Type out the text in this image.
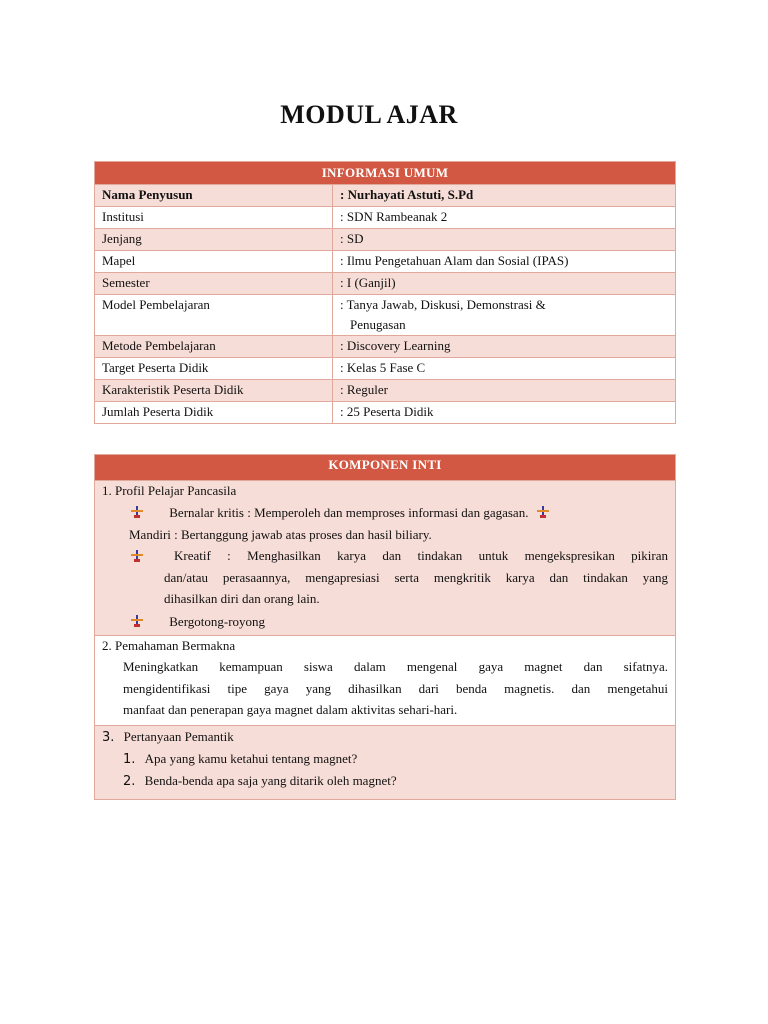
MODUL AJAR
INFORMASI UMUM	
Nama Penyusun	: Nurhayati Astuti, S.Pd
Institusi	: SDN Rambeanak 2
Jenjang	: SD
Mapel	: Ilmu Pengetahuan Alam dan Sosial (IPAS)
Semester	: I (Ganjil)
Model Pembelajaran	: Tanya Jawab, Diskusi, Demonstrasi &
Penugasan

Metode Pembelajaran	: Discovery Learning
Target Peserta Didik	: Kelas 5 Fase C
Karakteristik Peserta Didik	: Reguler
Jumlah Peserta Didik	: 25 Peserta Didik
KOMPONEN INTI

1. Profil Pelajar Pancasila
Bernalar kritis : Memperoleh dan memproses informasi dan gagasan.
Mandiri : Bertanggung jawab atas proses dan hasil biliary.
Kreatif : Menghasilkan karya dan tindakan untuk mengekspresikan pikiran
dan/atau perasaannya, mengapresiasi serta mengkritik karya dan tindakan yang
dihasilkan diri dan orang lain.
Bergotong-royong

2. Pemahaman Bermakna
Meningkatkan kemampuan siswa dalam mengenal gaya magnet dan sifatnya.
mengidentifikasi tipe gaya yang dihasilkan dari benda magnetis. dan mengetahui
manfaat dan penerapan gaya magnet dalam aktivitas sehari-hari.

3. Pertanyaan Pemantik
1. Apa yang kamu ketahui tentang magnet?
2. Benda-benda apa saja yang ditarik oleh magnet?
